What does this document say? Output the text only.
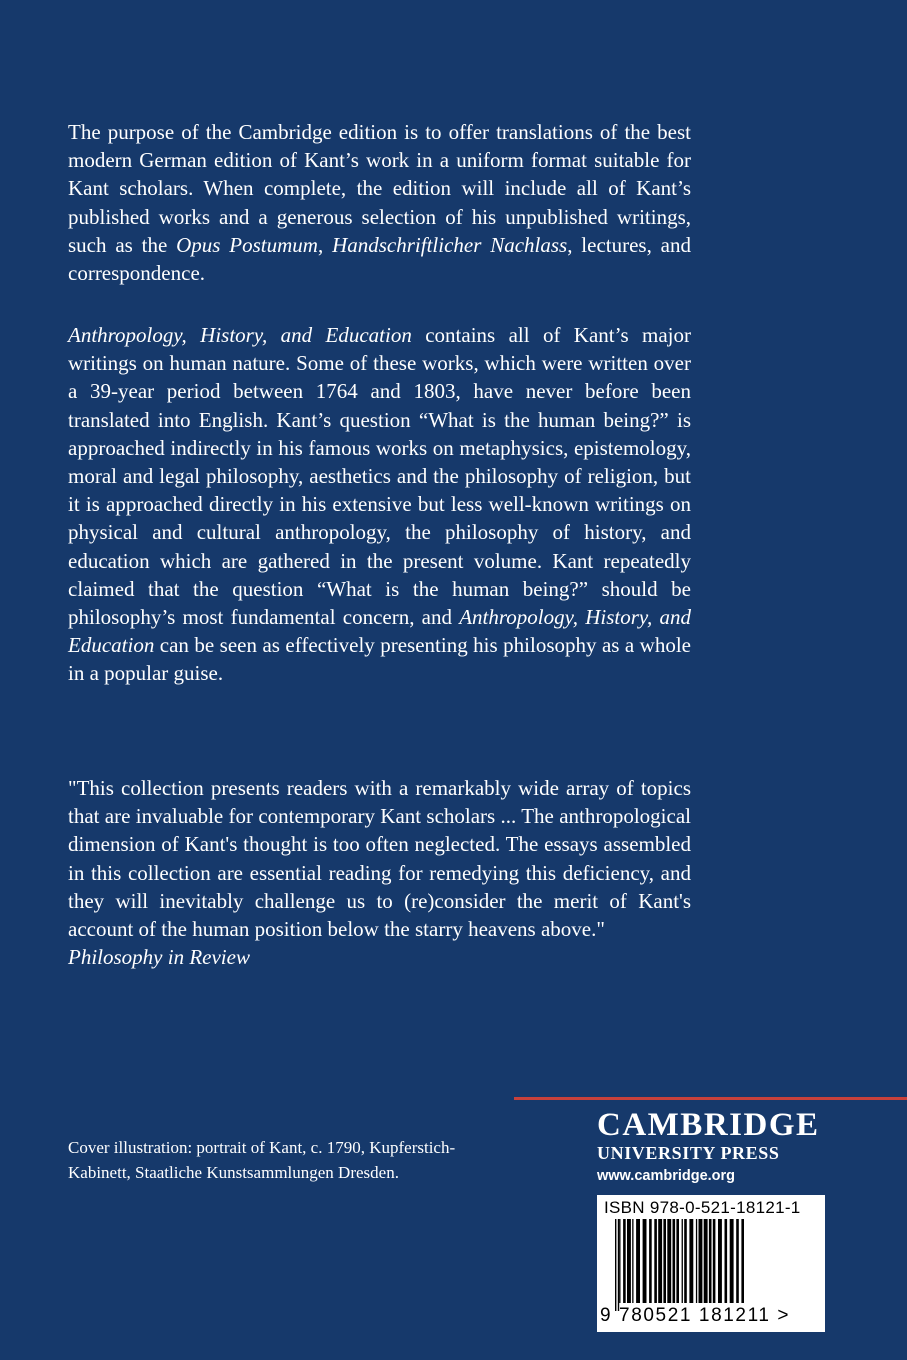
The purpose of the Cambridge edition is to offer translations of the best modern German edition of Kant’s work in a uniform format suitable for Kant scholars. When complete, the edition will include all of Kant’s published works and a generous selection of his unpublished writings, such as the Opus Postumum, Handschriftlicher Nachlass, lectures, and correspondence.

Anthropology, History, and Education contains all of Kant’s major writings on human nature. Some of these works, which were written over a 39-year period between 1764 and 1803, have never before been translated into English. Kant’s question “What is the human being?” is approached indirectly in his famous works on metaphysics, epistemology, moral and legal philosophy, aesthetics and the philosophy of religion, but it is approached directly in his extensive but less well-known writings on physical and cultural anthropology, the philosophy of history, and education which are gathered in the present volume. Kant repeatedly claimed that the question “What is the human being?” should be philosophy’s most fundamental concern, and Anthropology, History, and Education can be seen as effectively presenting his philosophy as a whole in a popular guise.

"This collection presents readers with a remarkably wide array of topics that are invaluable for contemporary Kant scholars ... The anthropological dimension of Kant's thought is too often neglected. The essays assembled in this collection are essential reading for remedying this deficiency, and they will inevitably challenge us to (re)consider the merit of Kant's account of the human position below the starry heavens above."
Philosophy in Review

Cover illustration: portrait of Kant, c. 1790, Kupferstich-Kabinett, Staatliche Kunstsammlungen Dresden.

CAMBRIDGE
UNIVERSITY PRESS
www.cambridge.org
ISBN 978-0-521-18121-1
9 780521 181211 >
